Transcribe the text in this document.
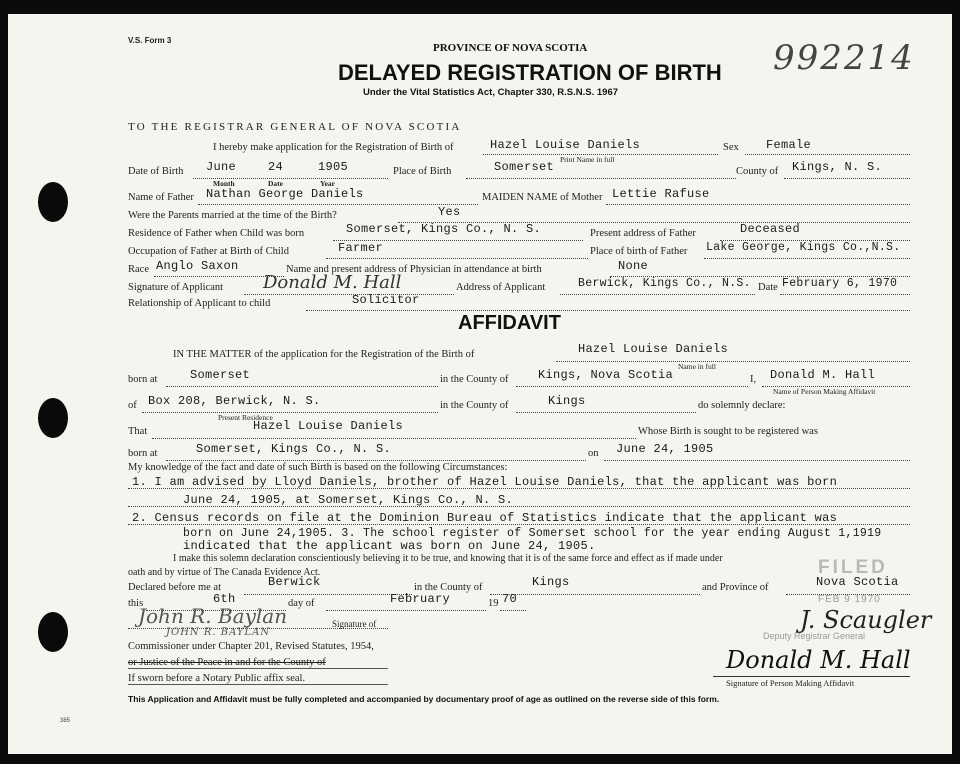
V.S. Form 3	992214
PROVINCE OF NOVA SCOTIA
DELAYED REGISTRATION OF BIRTH
Under the Vital Statistics Act, Chapter 330, R.S.N.S. 1967
TO THE REGISTRAR GENERAL OF NOVA SCOTIA
I hereby make application for the Registration of Birth of	Hazel Louise Daniels
Print Name in full
Sex Female
Date of Birth June	24	1905
Month	Date	Year
Place of Birth	Somerset	County of Kings, N. S.
Name of Father Nathan George Daniels	MAIDEN NAME of Mother Lettie Rafuse
Were the Parents married at the time of the Birth?	Yes
Residence of Father when Child was born	Somerset, Kings Co., N. S.	Present address of Father	Deceased
Occupation of Father at Birth of Child	Farmer	Place of birth of Father Lake George, Kings Co.,N.S.
Race Anglo Saxon	Name and present address of Physician in attendance at birth	None
Signature of Applicant Donald M. Hall	Address of Applicant	Berwick, Kings Co., N.S. Date February 6, 1970
Relationship of Applicant to child	Solicitor
AFFIDAVIT
IN THE MATTER of the application for the Registration of the Birth of	Hazel Louise Daniels
Name in full
born at	Somerset	in the County of Kings, Nova Scotia	I, Donald M. Hall
Name of Person Making Affidavit
of Box 208, Berwick, N. S.
Present Residence
in the County of	Kings	do solemnly declare:
That	Hazel Louise Daniels	Whose Birth is sought to be registered was
born at	Somerset, Kings Co., N. S.	on June 24, 1905
My knowledge of the fact and date of such Birth is based on the following Circumstances:
1. I am advised by Lloyd Daniels, brother of Hazel Louise Daniels, that the applicant was born
June 24, 1905, at Somerset, Kings Co., N. S.
2. Census records on file at the Dominion Bureau of Statistics indicate that the applicant was
born on June 24,1905. 3. The school register of Somerset school for the year ending August 1,1919
indicated that the applicant was born on June 24, 1905.
I make this solemn declaration conscientiously believing it to be true, and knowing that it is of the same force and effect as if made under
oath and by virtue of The Canada Evidence Act.
Declared before me at	Berwick	in the County of	Kings	and Province of	Nova Scotia
FILED
FEB 9 1970
this	6th	day of	February	19 70
John R. Baylan	Signature of
JOHN R. BAYLAN
Commissioner under Chapter 201, Revised Statutes, 1954,
or Justice of the Peace in and for the County of
If sworn before a Notary Public affix seal.
J. Scaugler
Deputy Registrar General
Donald M. Hall
Signature of Person Making Affidavit
This Application and Affidavit must be fully completed and accompanied by documentary proof of age as outlined on the reverse side of this form.
385
